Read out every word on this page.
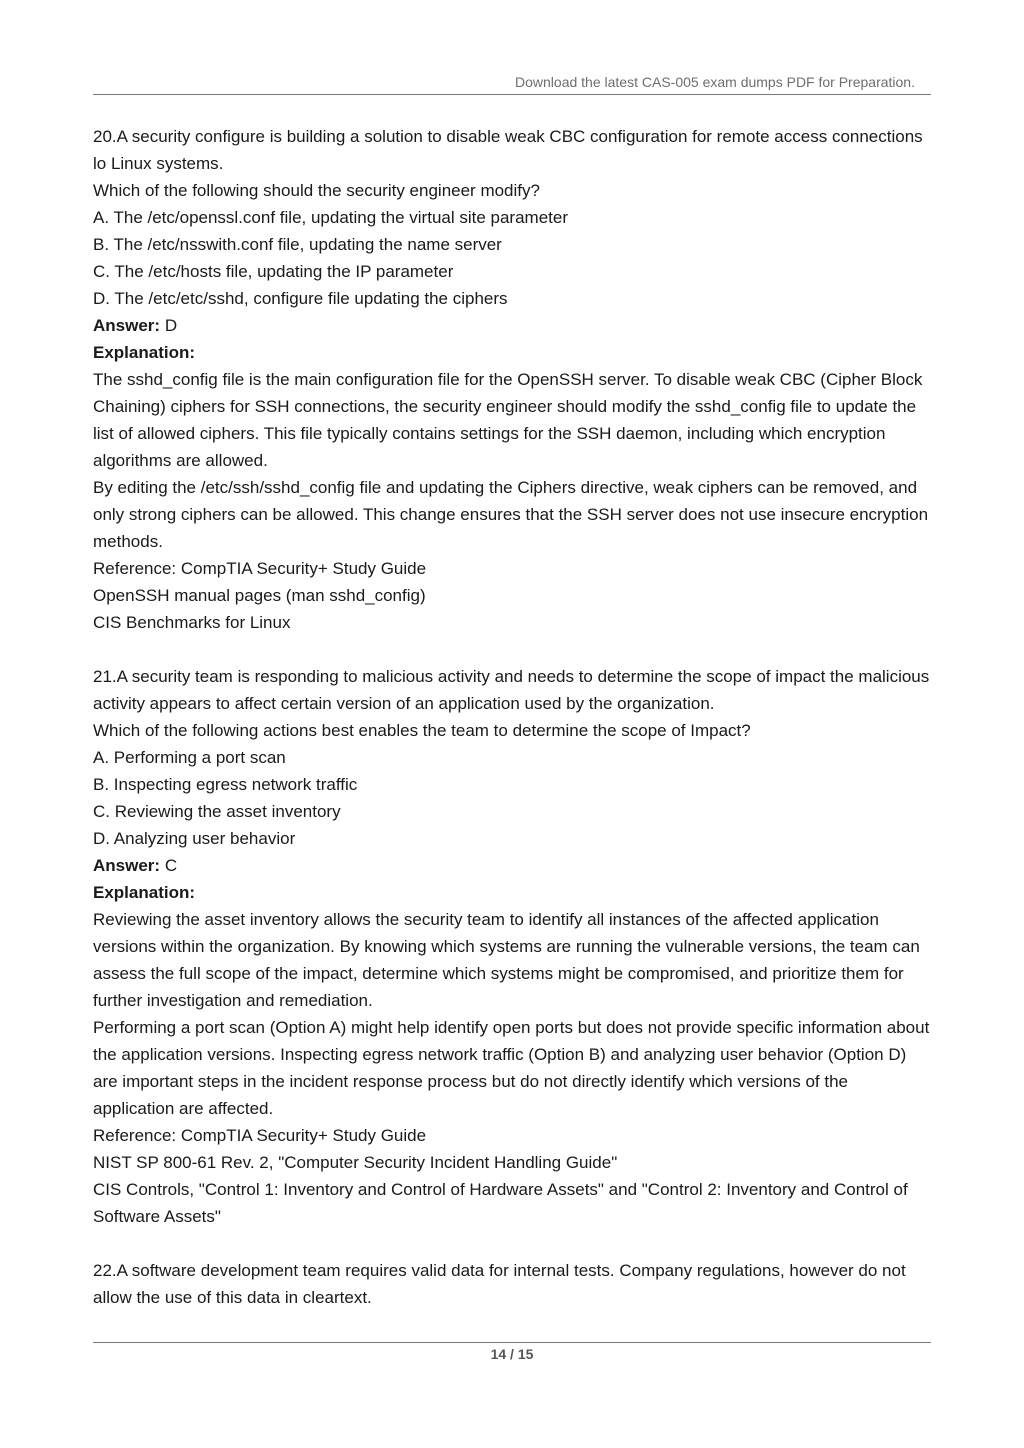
Download the latest CAS-005 exam dumps PDF for Preparation.
20.A security configure is building a solution to disable weak CBC configuration for remote access connections lo Linux systems.
Which of the following should the security engineer modify?
A. The /etc/openssl.conf file, updating the virtual site parameter
B. The /etc/nsswith.conf file, updating the name server
C. The /etc/hosts file, updating the IP parameter
D. The /etc/etc/sshd, configure file updating the ciphers
Answer: D
Explanation:
The sshd_config file is the main configuration file for the OpenSSH server. To disable weak CBC (Cipher Block Chaining) ciphers for SSH connections, the security engineer should modify the sshd_config file to update the list of allowed ciphers. This file typically contains settings for the SSH daemon, including which encryption algorithms are allowed.
By editing the /etc/ssh/sshd_config file and updating the Ciphers directive, weak ciphers can be removed, and only strong ciphers can be allowed. This change ensures that the SSH server does not use insecure encryption methods.
Reference: CompTIA Security+ Study Guide
OpenSSH manual pages (man sshd_config)
CIS Benchmarks for Linux
21.A security team is responding to malicious activity and needs to determine the scope of impact the malicious activity appears to affect certain version of an application used by the organization.
Which of the following actions best enables the team to determine the scope of Impact?
A. Performing a port scan
B. Inspecting egress network traffic
C. Reviewing the asset inventory
D. Analyzing user behavior
Answer: C
Explanation:
Reviewing the asset inventory allows the security team to identify all instances of the affected application versions within the organization. By knowing which systems are running the vulnerable versions, the team can assess the full scope of the impact, determine which systems might be compromised, and prioritize them for further investigation and remediation.
Performing a port scan (Option A) might help identify open ports but does not provide specific information about the application versions. Inspecting egress network traffic (Option B) and analyzing user behavior (Option D) are important steps in the incident response process but do not directly identify which versions of the application are affected.
Reference: CompTIA Security+ Study Guide
NIST SP 800-61 Rev. 2, "Computer Security Incident Handling Guide"
CIS Controls, "Control 1: Inventory and Control of Hardware Assets" and "Control 2: Inventory and Control of Software Assets"
22.A software development team requires valid data for internal tests. Company regulations, however do not allow the use of this data in cleartext.
14 / 15
